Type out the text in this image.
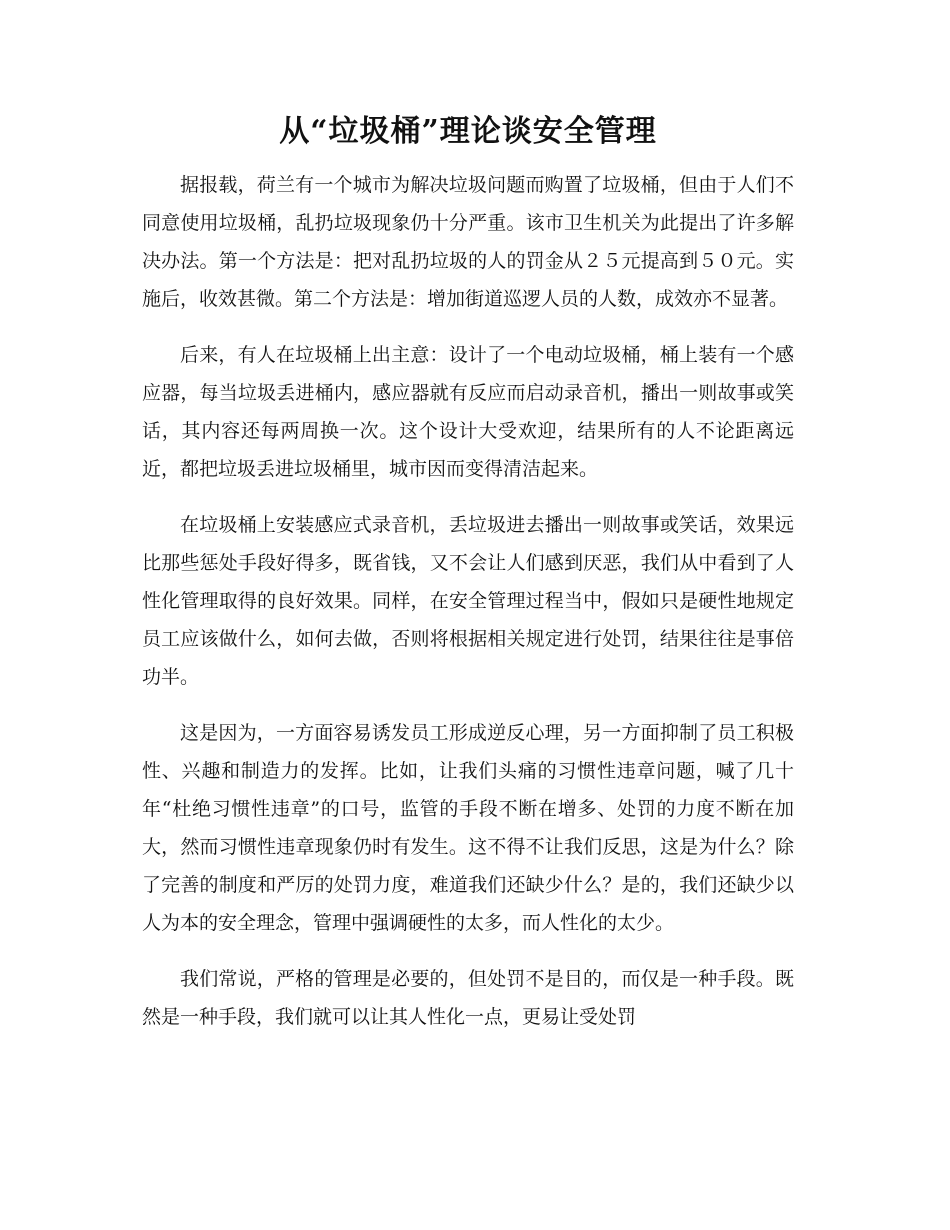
从“垃圾桶”理论谈安全管理

据报载，荷兰有一个城市为解决垃圾问题而购置了垃圾桶，但由于人们不同意使用垃圾桶，乱扔垃圾现象仍十分严重。该市卫生机关为此提出了许多解决办法。第一个方法是：把对乱扔垃圾的人的罚金从２５元提高到５０元。实施后，收效甚微。第二个方法是：增加街道巡逻人员的人数，成效亦不显著。

后来，有人在垃圾桶上出主意：设计了一个电动垃圾桶，桶上装有一个感应器，每当垃圾丢进桶内，感应器就有反应而启动录音机，播出一则故事或笑话，其内容还每两周换一次。这个设计大受欢迎，结果所有的人不论距离远近，都把垃圾丢进垃圾桶里，城市因而变得清洁起来。

在垃圾桶上安装感应式录音机，丢垃圾进去播出一则故事或笑话，效果远比那些惩处手段好得多，既省钱，又不会让人们感到厌恶，我们从中看到了人性化管理取得的良好效果。同样，在安全管理过程当中，假如只是硬性地规定员工应该做什么，如何去做，否则将根据相关规定进行处罚，结果往往是事倍功半。

这是因为，一方面容易诱发员工形成逆反心理，另一方面抑制了员工积极性、兴趣和制造力的发挥。比如，让我们头痛的习惯性违章问题，喊了几十年“杜绝习惯性违章”的口号，监管的手段不断在增多、处罚的力度不断在加大，然而习惯性违章现象仍时有发生。这不得不让我们反思，这是为什么？除了完善的制度和严厉的处罚力度，难道我们还缺少什么？是的，我们还缺少以人为本的安全理念，管理中强调硬性的太多，而人性化的太少。

我们常说，严格的管理是必要的，但处罚不是目的，而仅是一种手段。既然是一种手段，我们就可以让其人性化一点，更易让受处罚
